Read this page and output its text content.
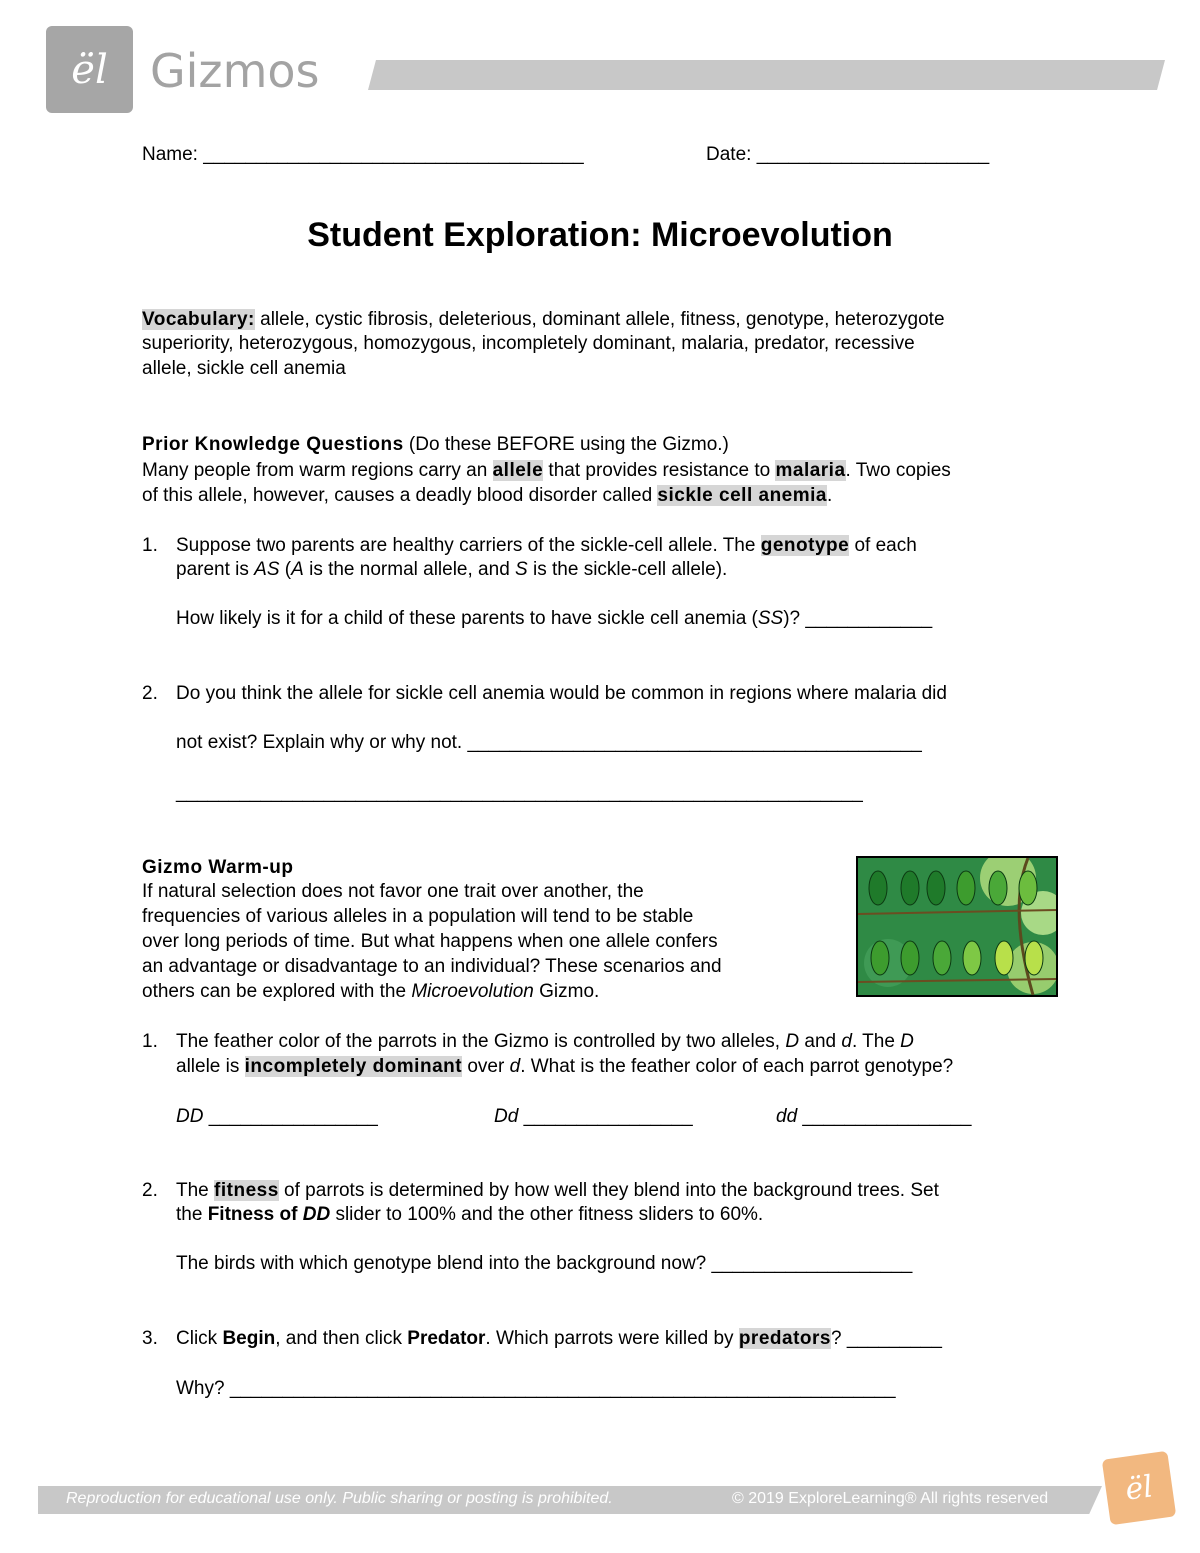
ël Gizmos
Name: ____________________________________	Date: ______________________
Student Exploration: Microevolution
Vocabulary: allele, cystic fibrosis, deleterious, dominant allele, fitness, genotype, heterozygote
superiority, heterozygous, homozygous, incompletely dominant, malaria, predator, recessive
allele, sickle cell anemia
Prior Knowledge Questions (Do these BEFORE using the Gizmo.)
Many people from warm regions carry an allele that provides resistance to malaria. Two copies
of this allele, however, causes a deadly blood disorder called sickle cell anemia.
1. Suppose two parents are healthy carriers of the sickle-cell allele. The genotype of each
parent is AS (A is the normal allele, and S is the sickle-cell allele).
How likely is it for a child of these parents to have sickle cell anemia (SS)? ____________
2. Do you think the allele for sickle cell anemia would be common in regions where malaria did
not exist? Explain why or why not. ___________________________________________
_________________________________________________________________
Gizmo Warm-up
If natural selection does not favor one trait over another, the
frequencies of various alleles in a population will tend to be stable
over long periods of time. But what happens when one allele confers
an advantage or disadvantage to an individual? These scenarios and
others can be explored with the Microevolution Gizmo.
1. The feather color of the parrots in the Gizmo is controlled by two alleles, D and d. The D
allele is incompletely dominant over d. What is the feather color of each parrot genotype?
DD ________________	Dd ________________	dd ________________
2. The fitness of parrots is determined by how well they blend into the background trees. Set
the Fitness of DD slider to 100% and the other fitness sliders to 60%.
The birds with which genotype blend into the background now? ___________________
3. Click Begin, and then click Predator. Which parrots were killed by predators? _________
Why? _______________________________________________________________
Reproduction for educational use only. Public sharing or posting is prohibited.	© 2019 ExploreLearning® All rights reserved ël
